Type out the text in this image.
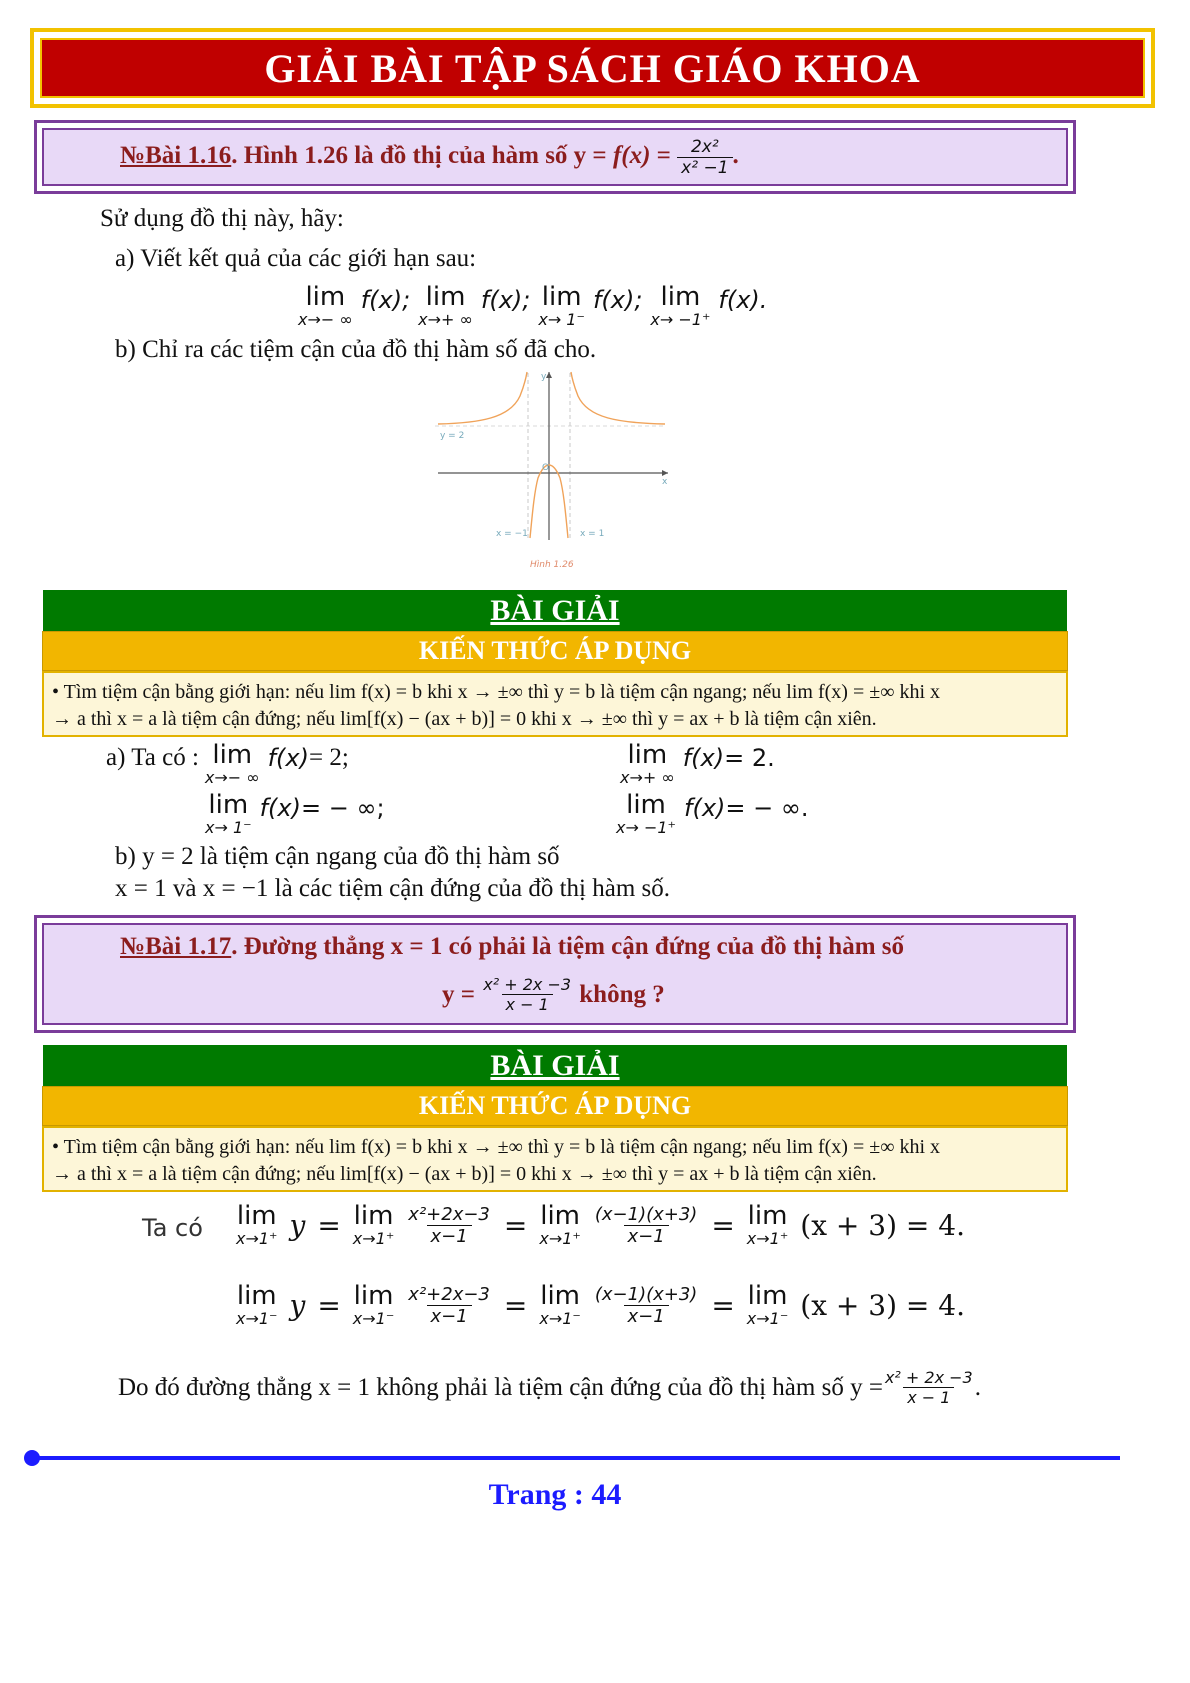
GIẢI BÀI TẬP SÁCH GIÁO KHOA
№Bài 1.16. Hình 1.26 là đồ thị của hàm số $y = f(x) = \frac{\text{2x²}}{\text{x² −1}}$ .
Sử dụng đồ thị này, hãy:
a) Viết kết quả của các giới hạn sau:
lim
x→− ∞
f(x); lim
x→+ ∞
f(x); lim
x→ 1⁻
f(x); lim
x→ −1⁺
f(x).
b) Chỉ ra các tiệm cận của đồ thị hàm số đã cho.
y = 2
x = −1	x = 1
y
x
O
Hình 1.26
BÀI GIẢI
KIẾN THỨC ÁP DỤNG
• Tìm tiệm cận bằng giới hạn: nếu lim f(x) = b khi x → ±∞ thì y = b là tiệm cận ngang; nếu lim f(x) = ±∞ khi x
→ a thì x = a là tiệm cận đứng; nếu lim[f(x) − (ax + b)] = 0 khi x → ±∞ thì y = ax + b là tiệm cận xiên.
a) Ta có : lim
x→− ∞
f(x) = 2;	lim
x→+ ∞
f(x) = 2.
lim
x→ 1⁻
f(x) = − ∞;	lim
x→ −1⁺
f(x) = − ∞.
b) y = 2 là tiệm cận ngang của đồ thị hàm số
x = 1 và x = −1 là các tiệm cận đứng của đồ thị hàm số.
№Bài 1.17. Đường thẳng x = 1 có phải là tiệm cận đứng của đồ thị hàm số
$y = \frac{\text{x² + 2x −3}}{x - 1}$ không ?
BÀI GIẢI
KIẾN THỨC ÁP DỤNG
• Tìm tiệm cận bằng giới hạn: nếu lim f(x) = b khi x → ±∞ thì y = b là tiệm cận ngang; nếu lim f(x) = ±∞ khi x
→ a thì x = a là tiệm cận đứng; nếu lim[f(x) − (ax + b)] = 0 khi x → ±∞ thì y = ax + b là tiệm cận xiên.
Ta có lim
x→1⁺ y = lim
$x\to 1^+ \frac{\text{x²+2x−3}}{x-1} = \lim$
$x\to 1^+ \frac{(x-1)(x+3)}{x-1} = \lim$
x→1⁺ (x + 3) = 4.
lim
x→1⁻ y = lim
$x\to 1^- \frac{\text{x²+2x−3}}{x-1} = \lim$
$x\to 1^- \frac{(x-1)(x+3)}{x-1} = \lim$
x→1⁻ (x + 3) = 4.
Do đó đường thẳng x = 1 không phải là tiệm cận đứng của đồ thị hàm số $y = \frac{\text{x² + 2x −3}}{x - 1}$ .
Trang : 44
